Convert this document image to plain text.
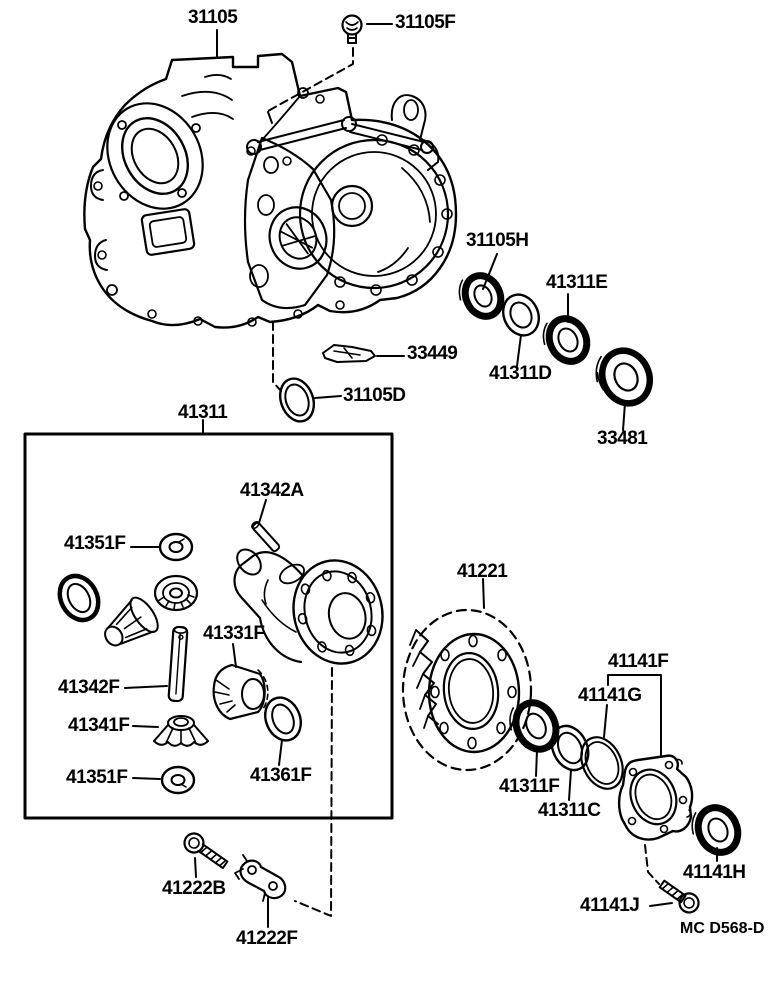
31105	31105F
31105H
41311E
41311D
33449
31105D
33481
41311
41342A
41351F
41331F
41342F
41341F
41351F	41361F
41221
41141F
41141G
41311F
41311C
41141H
41141J
41222B
41222F	MC D568-D
